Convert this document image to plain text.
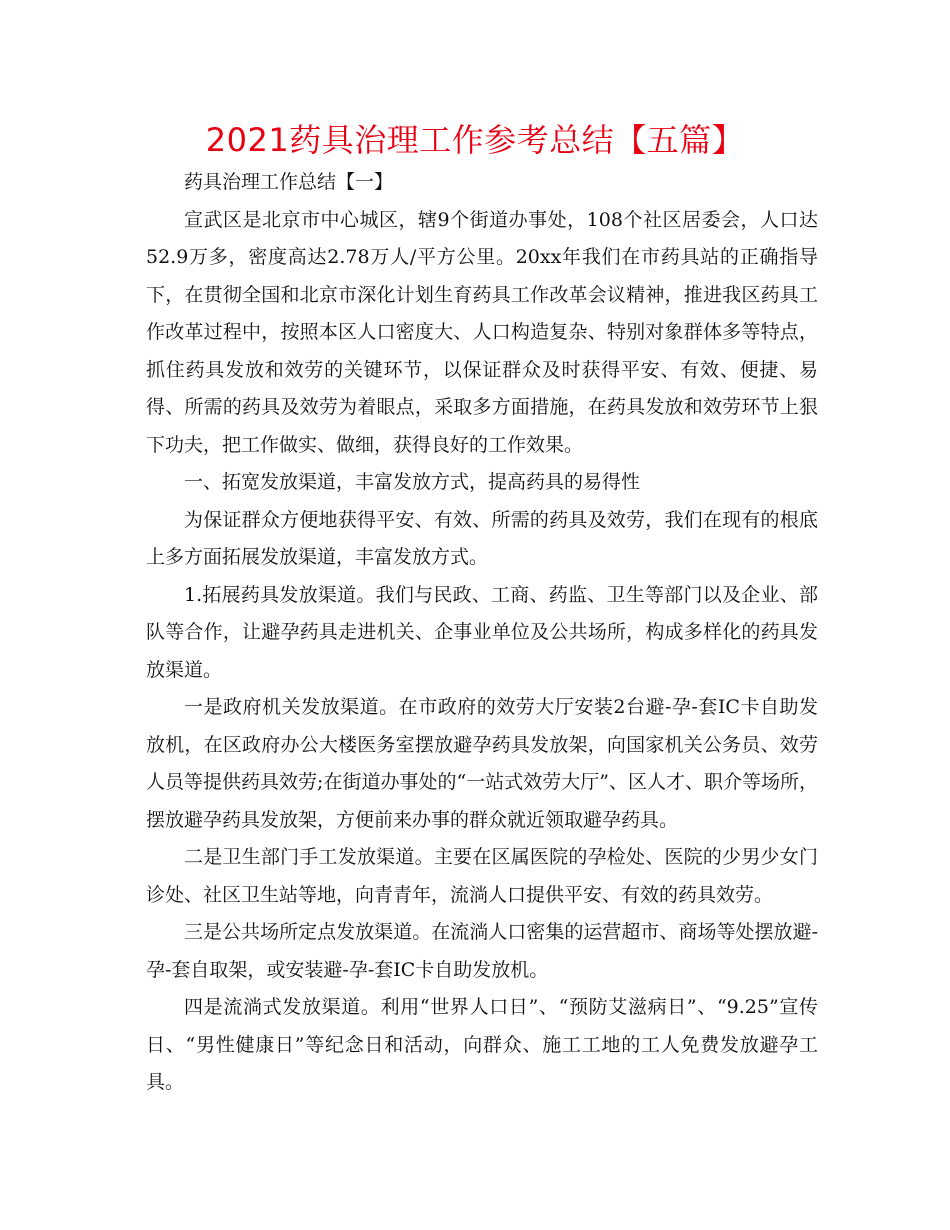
2021药具治理工作参考总结【五篇】

药具治理工作总结【一】

宣武区是北京市中心城区，辖9个街道办事处，108个社区居委会，人口达52.9万多，密度高达2.78万人/平方公里。20xx年我们在市药具站的正确指导下，在贯彻全国和北京市深化计划生育药具工作改革会议精神，推进我区药具工作改革过程中，按照本区人口密度大、人口构造复杂、特别对象群体多等特点，抓住药具发放和效劳的关键环节，以保证群众及时获得平安、有效、便捷、易得、所需的药具及效劳为着眼点，采取多方面措施，在药具发放和效劳环节上狠下功夫，把工作做实、做细，获得良好的工作效果。

一、拓宽发放渠道，丰富发放方式，提高药具的易得性

为保证群众方便地获得平安、有效、所需的药具及效劳，我们在现有的根底上多方面拓展发放渠道，丰富发放方式。

1.拓展药具发放渠道。我们与民政、工商、药监、卫生等部门以及企业、部队等合作，让避孕药具走进机关、企事业单位及公共场所，构成多样化的药具发放渠道。

一是政府机关发放渠道。在市政府的效劳大厅安装2台避-孕-套IC卡自助发放机，在区政府办公大楼医务室摆放避孕药具发放架，向国家机关公务员、效劳人员等提供药具效劳;在街道办事处的“一站式效劳大厅”、区人才、职介等场所，摆放避孕药具发放架，方便前来办事的群众就近领取避孕药具。

二是卫生部门手工发放渠道。主要在区属医院的孕检处、医院的少男少女门诊处、社区卫生站等地，向青青年，流淌人口提供平安、有效的药具效劳。

三是公共场所定点发放渠道。在流淌人口密集的运营超市、商场等处摆放避-孕-套自取架，或安装避-孕-套IC卡自助发放机。

四是流淌式发放渠道。利用“世界人口日”、“预防艾滋病日”、“9.25”宣传日、“男性健康日”等纪念日和活动，向群众、施工工地的工人免费发放避孕工具。
